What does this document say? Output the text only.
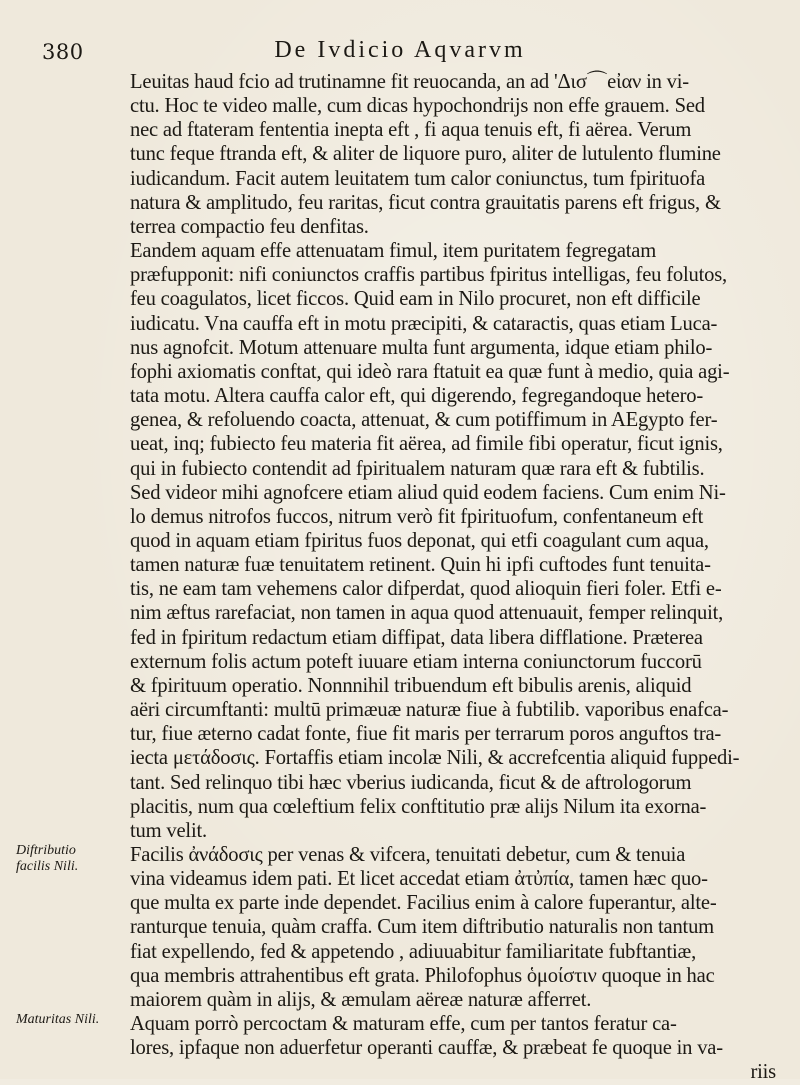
380	De Ivdicio Aqvarvm
Leuitas haud fcio ad trutinamne fit reuocanda, an ad 'Δισ⌒eἰαν in vi-
ctu. Hoc te video malle, cum dicas hypochondrijs non effe grauem. Sed
nec ad ftateram fententia inepta eft , fi aqua tenuis eft, fi aërea. Verum
tunc feque ftranda eft, & aliter de liquore puro, aliter de lutulento flumine
iudicandum. Facit autem leuitatem tum calor coniunctus, tum fpirituofa
natura & amplitudo, feu raritas, ficut contra grauitatis parens eft frigus, &
terrea compactio feu denfitas.
Eandem aquam effe attenuatam fimul, item puritatem fegregatam
præfupponit: nifi coniunctos craffis partibus fpiritus intelligas, feu folutos,
feu coagulatos, licet ficcos. Quid eam in Nilo procuret, non eft difficile
iudicatu. Vna cauffa eft in motu præcipiti, & cataractis, quas etiam Luca-
nus agnofcit. Motum attenuare multa funt argumenta, idque etiam philo-
fophi axiomatis conftat, qui ideò rara ftatuit ea quæ funt à medio, quia agi-
tata motu. Altera cauffa calor eft, qui digerendo, fegregandoque hetero-
genea, & refoluendo coacta, attenuat, & cum potiffimum in AEgypto fer-
ueat, inq; fubiecto feu materia fit aërea, ad fimile fibi operatur, ficut ignis,
qui in fubiecto contendit ad fpiritualem naturam quæ rara eft & fubtilis.
Sed videor mihi agnofcere etiam aliud quid eodem faciens. Cum enim Ni-
lo demus nitrofos fuccos, nitrum verò fit fpirituofum, confentaneum eft
quod in aquam etiam fpiritus fuos deponat, qui etfi coagulant cum aqua,
tamen naturæ fuæ tenuitatem retinent. Quin hi ipfi cuftodes funt tenuita-
tis, ne eam tam vehemens calor difperdat, quod alioquin fieri foler. Etfi e-
nim æftus rarefaciat, non tamen in aqua quod attenuauit, femper relinquit,
fed in fpiritum redactum etiam diffipat, data libera difflatione. Præterea
externum folis actum poteft iuuare etiam interna coniunctorum fuccorū
& fpirituum operatio. Nonnnihil tribuendum eft bibulis arenis, aliquid
aëri circumftanti: multū primæuæ naturæ fiue à fubtilib. vaporibus enafca-
tur, fiue æterno cadat fonte, fiue fit maris per terrarum poros anguftos tra-
iecta μετάδοσις. Fortaffis etiam incolæ Nili, & accrefcentia aliquid fuppedi-
tant. Sed relinquo tibi hæc vberius iudicanda, ficut & de aftrologorum
placitis, num qua cœleftium felix conftitutio præ alijs Nilum ita exorna-
tum velit.
Facilis ἀνάδοσις per venas & vifcera, tenuitati debetur, cum & tenuia
vina videamus idem pati. Et licet accedat etiam ἀτὐπία, tamen hæc quo-
que multa ex parte inde dependet. Facilius enim à calore fuperantur, alte-
ranturque tenuia, quàm craffa. Cum item diftributio naturalis non tantum
fiat expellendo, fed & appetendo , adiuuabitur familiaritate fubftantiæ,
qua membris attrahentibus eft grata. Philofophus ὁμοίστιν quoque in hac
maiorem quàm in alijs, & æmulam aëreæ naturæ afferret.
Aquam porrò percoctam & maturam effe, cum per tantos feratur ca-
lores, ipfaque non aduerfetur operanti cauffæ, & præbeat fe quoque in va-
riis
Diftributio facilis Nili.
Maturitas Nili.
